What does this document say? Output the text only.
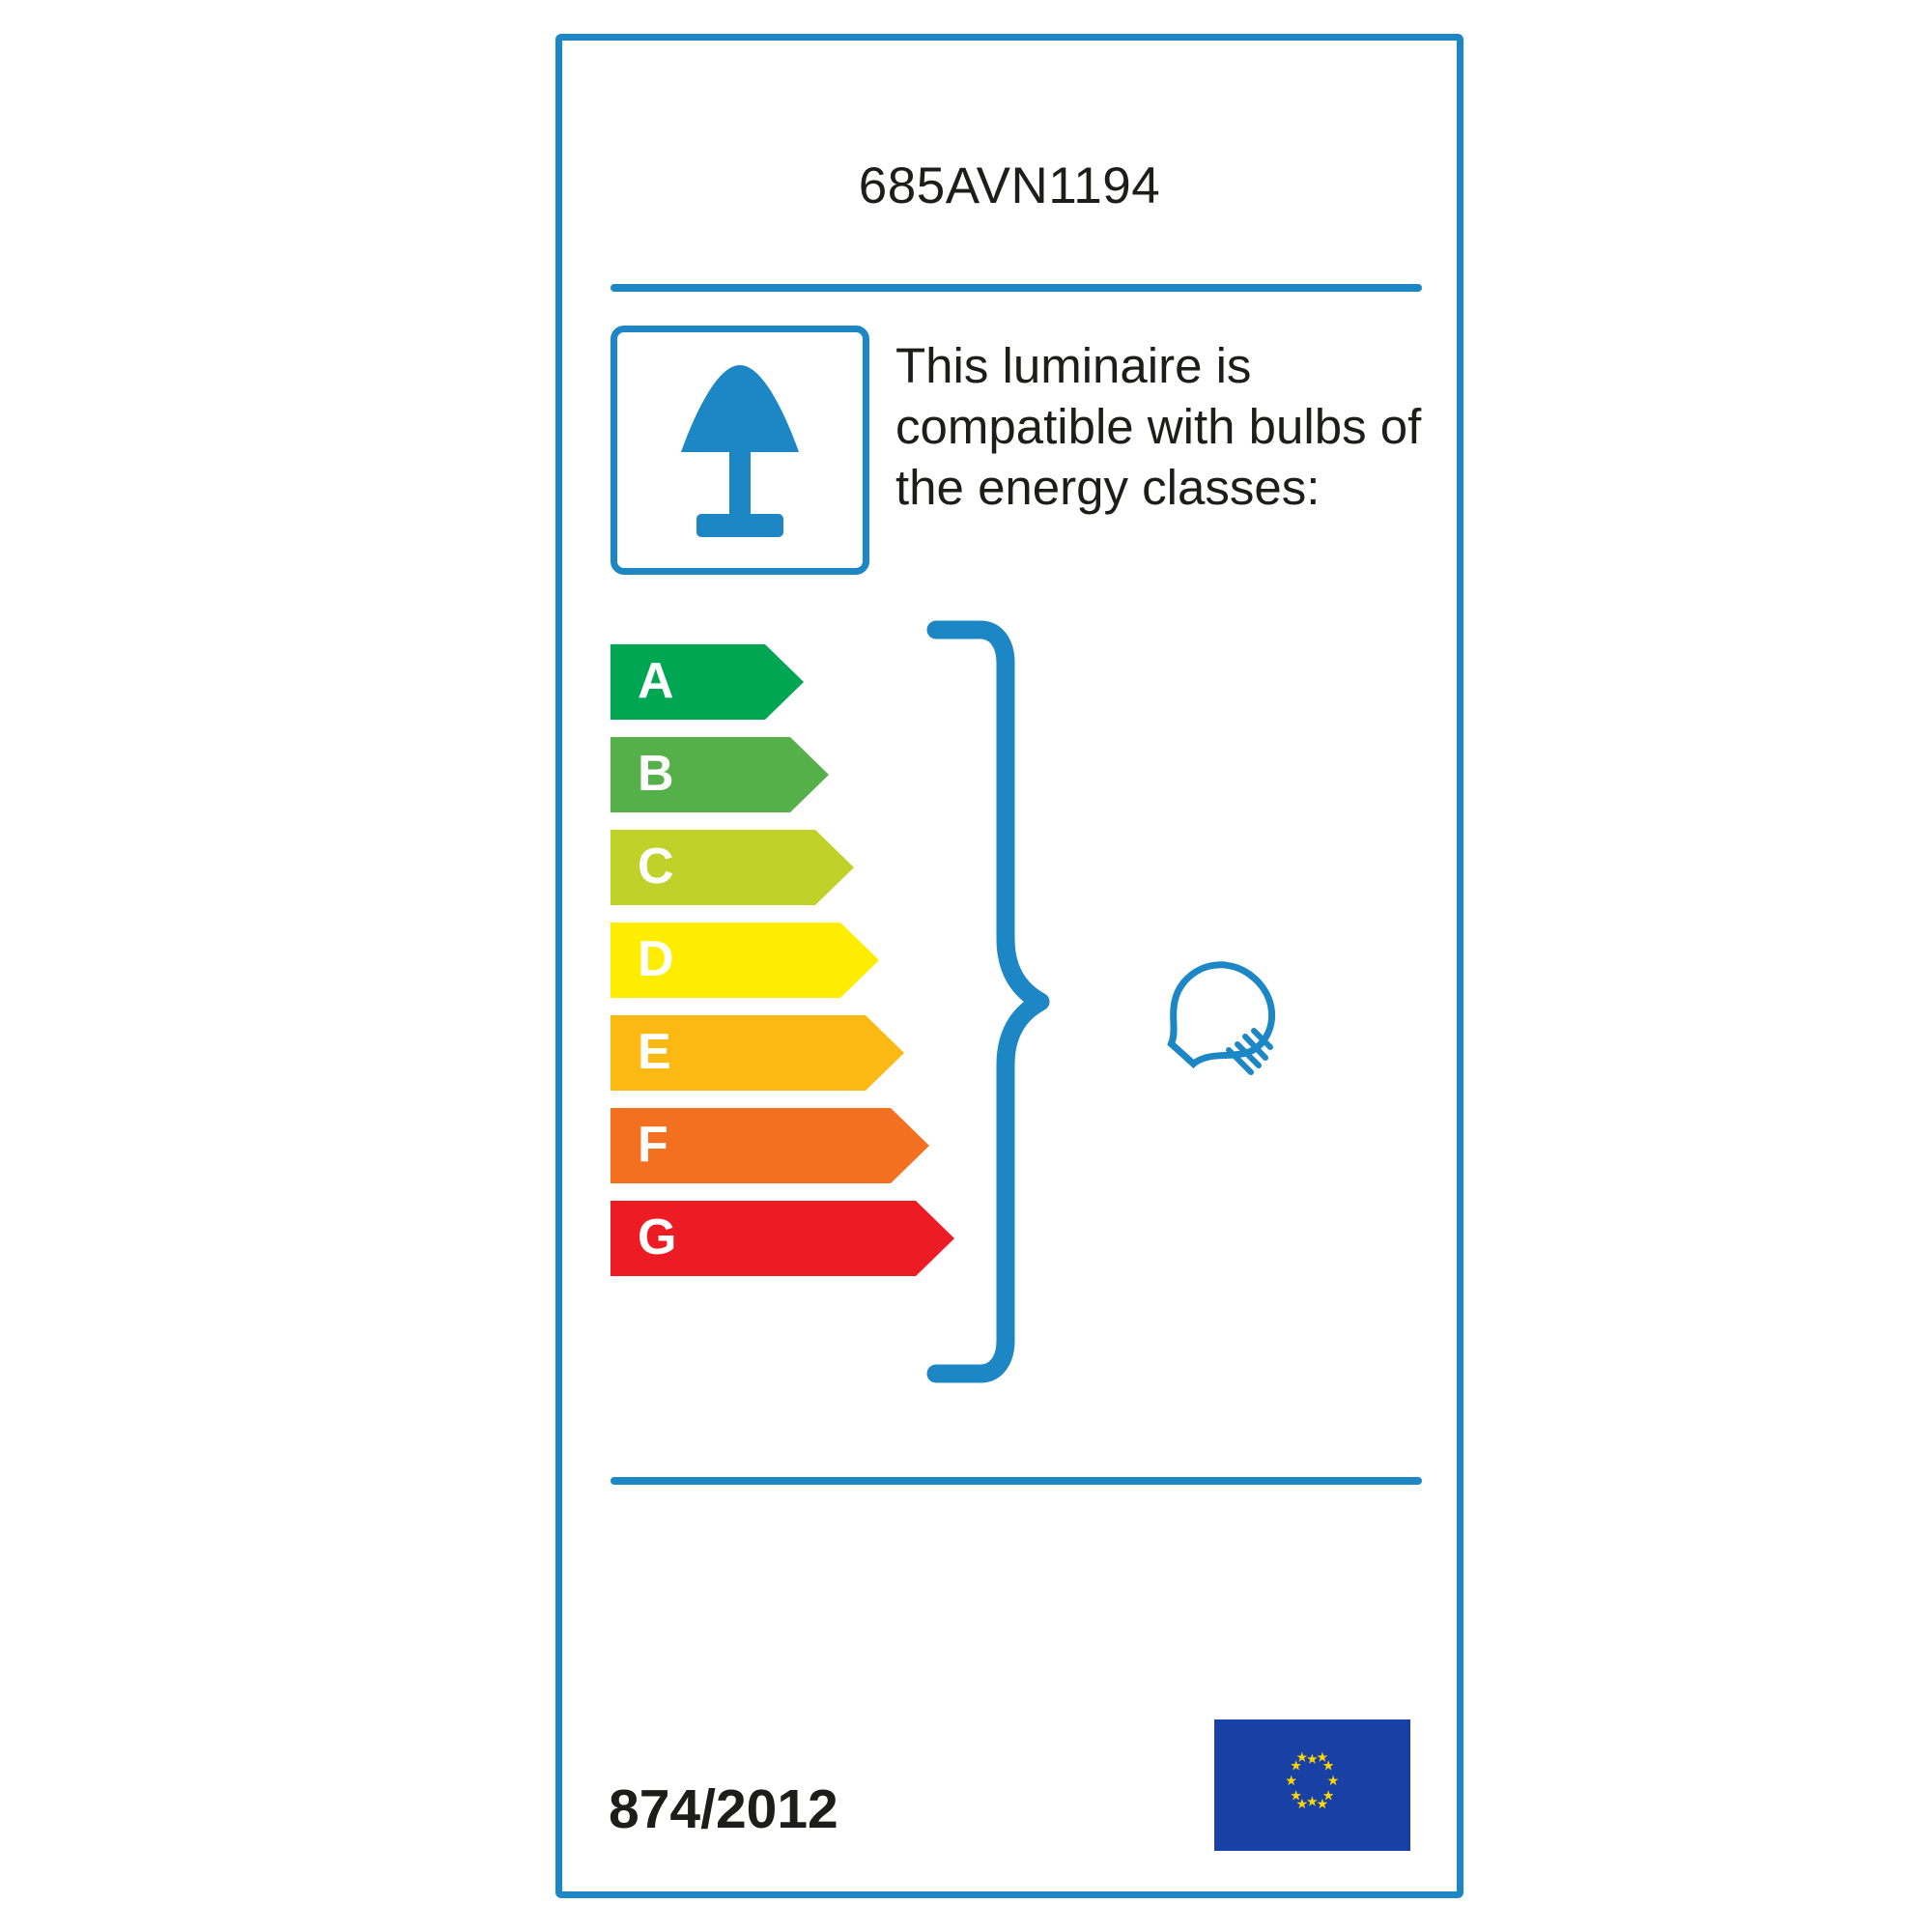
685AVN1194
This luminaire is compatible with bulbs of the energy classes:
A
B
C
D
E
F
G
874/2012
